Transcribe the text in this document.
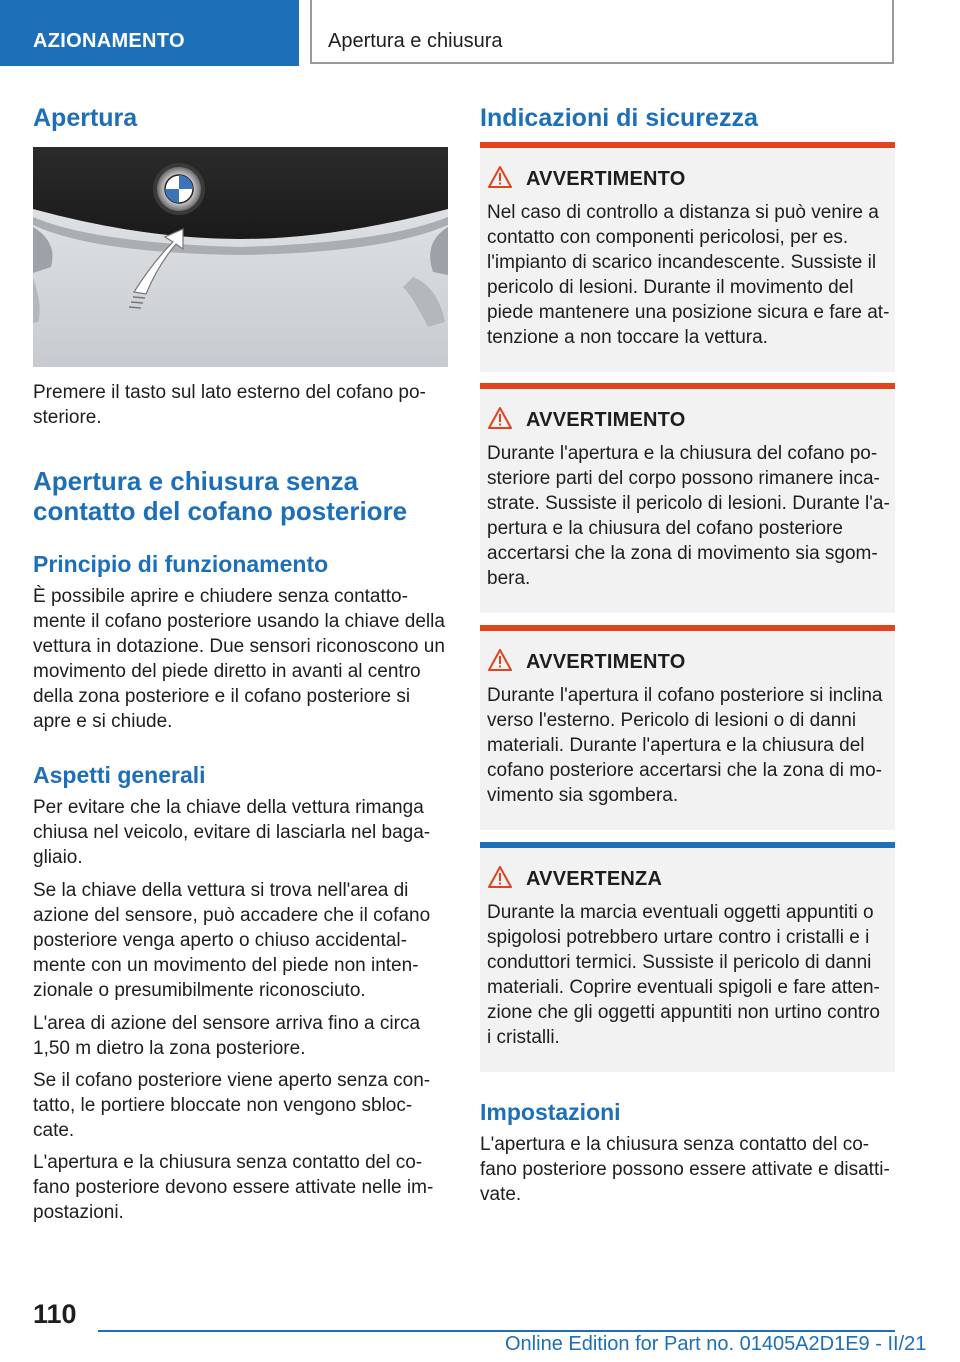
AZIONAMENTO	Apertura e chiusura
Apertura

Premere il tasto sul lato esterno del cofano po-
steriore.

Apertura e chiusura senza
contatto del cofano posteriore
Principio di funzionamento

È possibile aprire e chiudere senza contatto-
mente il cofano posteriore usando la chiave della
vettura in dotazione. Due sensori riconoscono un
movimento del piede diretto in avanti al centro
della zona posteriore e il cofano posteriore si
apre e si chiude.

Aspetti generali

Per evitare che la chiave della vettura rimanga
chiusa nel veicolo, evitare di lasciarla nel baga-
gliaio.

Se la chiave della vettura si trova nell'area di
azione del sensore, può accadere che il cofano
posteriore venga aperto o chiuso accidental-
mente con un movimento del piede non inten-
zionale o presumibilmente riconosciuto.

L'area di azione del sensore arriva fino a circa
1,50 m dietro la zona posteriore.

Se il cofano posteriore viene aperto senza con-
tatto, le portiere bloccate non vengono sbloc-
cate.

L'apertura e la chiusura senza contatto del co-
fano posteriore devono essere attivate nelle im-
postazioni.

Indicazioni di sicurezza
AVVERTIMENTO

Nel caso di controllo a distanza si può venire a
contatto con componenti pericolosi, per es.
l'impianto di scarico incandescente. Sussiste il
pericolo di lesioni. Durante il movimento del
piede mantenere una posizione sicura e fare at-
tenzione a non toccare la vettura.

AVVERTIMENTO

Durante l'apertura e la chiusura del cofano po-
steriore parti del corpo possono rimanere inca-
strate. Sussiste il pericolo di lesioni. Durante l'a-
pertura e la chiusura del cofano posteriore
accertarsi che la zona di movimento sia sgom-
bera.

AVVERTIMENTO

Durante l'apertura il cofano posteriore si inclina
verso l'esterno. Pericolo di lesioni o di danni
materiali. Durante l'apertura e la chiusura del
cofano posteriore accertarsi che la zona di mo-
vimento sia sgombera.

AVVERTENZA

Durante la marcia eventuali oggetti appuntiti o
spigolosi potrebbero urtare contro i cristalli e i
conduttori termici. Sussiste il pericolo di danni
materiali. Coprire eventuali spigoli e fare atten-
zione che gli oggetti appuntiti non urtino contro
i cristalli.

Impostazioni

L'apertura e la chiusura senza contatto del co-
fano posteriore possono essere attivate e disatti-
vate.

110
Online Edition for Part no. 01405A2D1E9 - II/21
